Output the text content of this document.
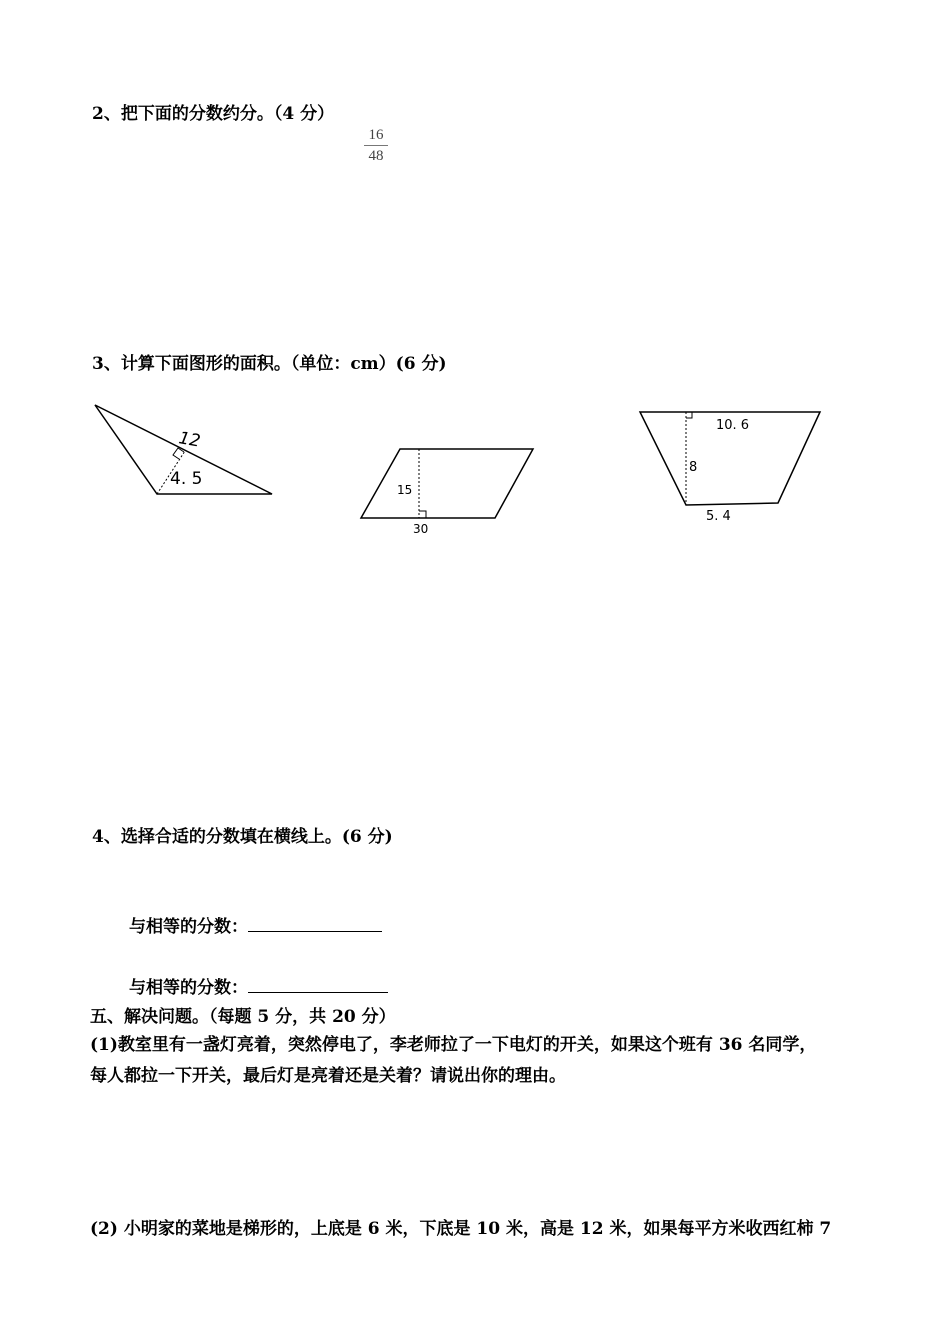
2、把下面的分数约分。（4 分）
16
48
3、计算下面图形的面积。（单位：cm）(6 分)
12
4. 5
15
30
10. 6
8
5. 4
4、选择合适的分数填在横线上。(6 分)
与相等的分数：
与相等的分数：
五、解决问题。（每题 5 分，共 20 分）
(1)教室里有一盏灯亮着，突然停电了，李老师拉了一下电灯的开关，如果这个班有 36 名同学，
每人都拉一下开关，最后灯是亮着还是关着？请说出你的理由。
(2) 小明家的菜地是梯形的，上底是 6 米，下底是 10 米，高是 12 米，如果每平方米收西红柿 7
